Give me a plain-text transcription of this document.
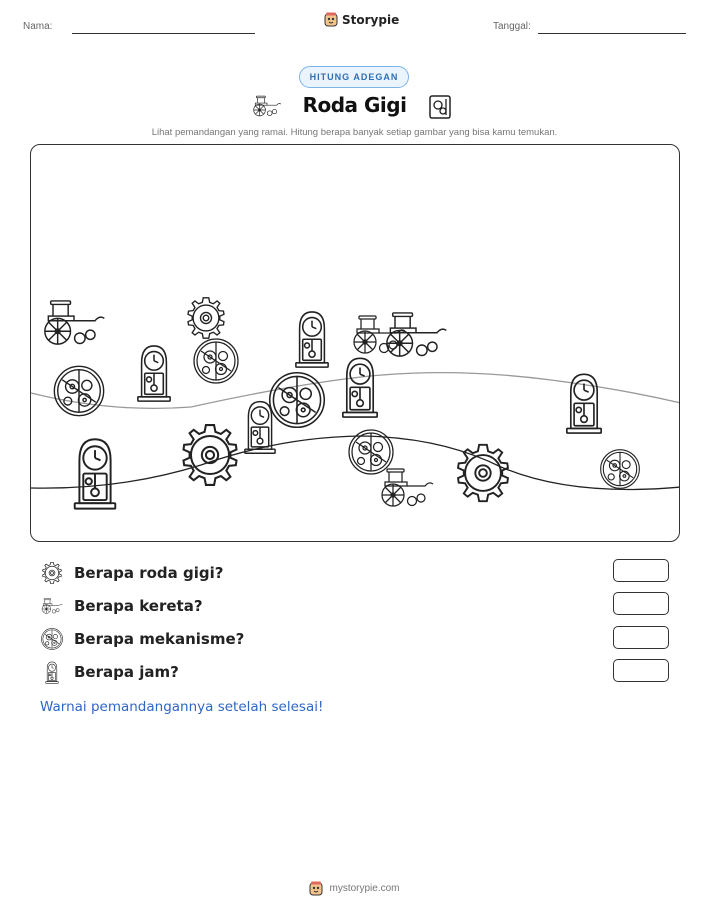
Nama:	Storypie	Tanggal:
HITUNG ADEGAN
Roda Gigi
Lihat pemandangan yang ramai. Hitung berapa banyak setiap gambar yang bisa kamu temukan.
Berapa roda gigi?
Berapa kereta?
Berapa mekanisme?
Berapa jam?
Warnai pemandangannya setelah selesai!
mystorypie.com
